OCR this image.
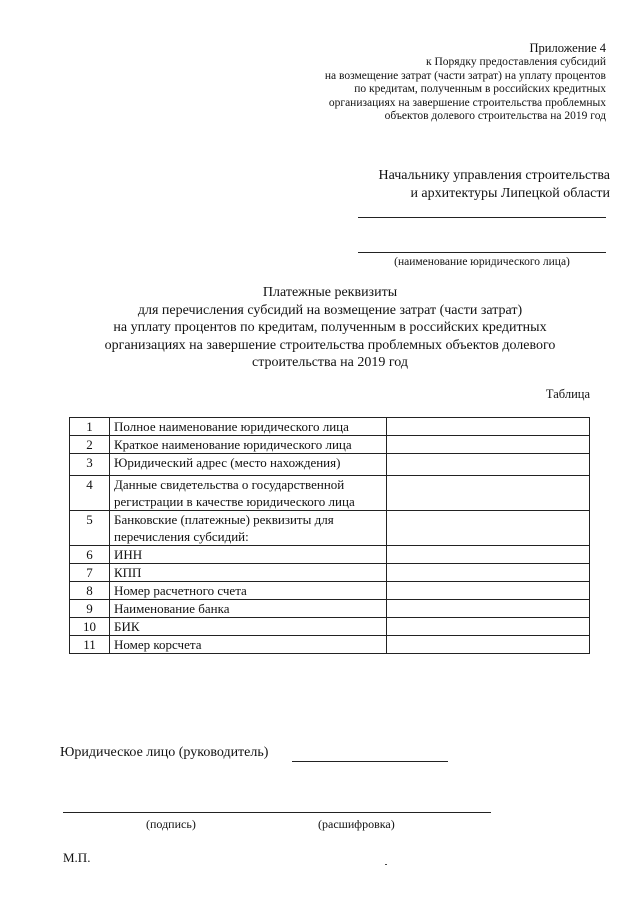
Приложение 4
к Порядку предоставления субсидий
на возмещение затрат (части затрат) на уплату процентов
по кредитам, полученным в российских кредитных
организациях на завершение строительства проблемных
объектов долевого строительства на 2019 год
Начальнику управления строительства
и архитектуры Липецкой области
(наименование юридического лица)
Платежные реквизиты
для перечисления субсидий на возмещение затрат (части затрат)
на уплату процентов по кредитам, полученным в российских кредитных
организациях на завершение строительства проблемных объектов долевого
строительства на 2019 год
Таблица
1	Полное наименование юридического лица	
2	Краткое наименование юридического лица	
3	Юридический адрес (место нахождения)	
4	Данные свидетельства о государственной регистрации в качестве юридического лица	
5	Банковские (платежные) реквизиты для перечисления субсидий:	
6	ИНН	
7	КПП	
8	Номер расчетного счета	
9	Наименование банка	
10	БИК	
11	Номер корсчета	
Юридическое лицо (руководитель)
(подпись)	(расшифровка)
М.П.
